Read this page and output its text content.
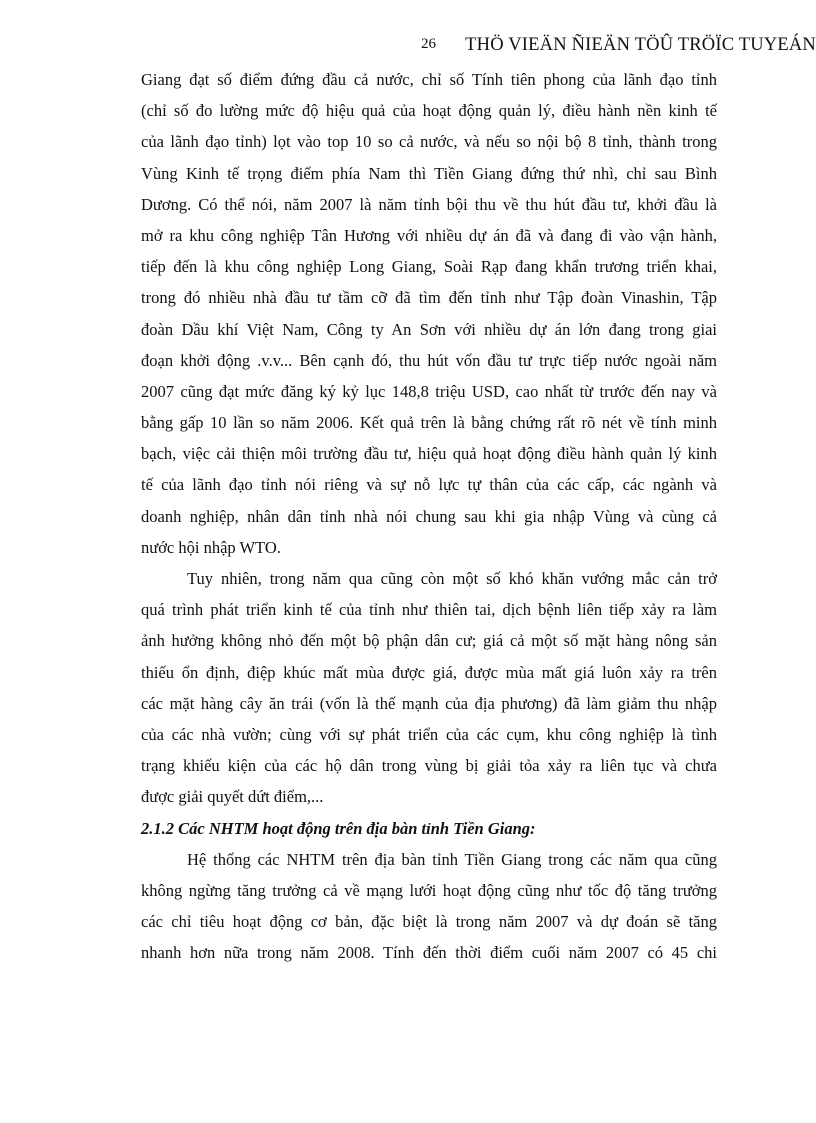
26 THÖ VIEÄN ÑIEÄN TÖÛ TRÖÏC TUYEÁN

Giang đạt số điểm đứng đầu cả nước, chỉ số Tính tiên phong của lãnh đạo tỉnh
(chỉ số đo lường mức độ hiệu quả của hoạt động quản lý, điều hành nền kinh tế
của lãnh đạo tỉnh) lọt vào top 10 so cả nước, và nếu so nội bộ 8 tỉnh, thành trong
Vùng Kinh tế trọng điểm phía Nam thì Tiền Giang đứng thứ nhì, chỉ sau Bình
Dương. Có thể nói, năm 2007 là năm tỉnh bội thu về thu hút đầu tư, khởi đầu là
mở ra khu công nghiệp Tân Hương với nhiều dự án đã và đang đi vào vận hành,
tiếp đến là khu công nghiệp Long Giang, Soài Rạp đang khẩn trương triển khai,
trong đó nhiều nhà đầu tư tầm cỡ đã tìm đến tỉnh như Tập đoàn Vinashin, Tập
đoàn Dầu khí Việt Nam, Công ty An Sơn với nhiều dự án lớn đang trong giai
đoạn khởi động .v.v... Bên cạnh đó, thu hút vốn đầu tư trực tiếp nước ngoài năm
2007 cũng đạt mức đăng ký kỷ lục 148,8 triệu USD, cao nhất từ trước đến nay và
bằng gấp 10 lần so năm 2006. Kết quả trên là bằng chứng rất rõ nét về tính minh
bạch, việc cải thiện môi trường đầu tư, hiệu quả hoạt động điều hành quản lý kinh
tế của lãnh đạo tỉnh nói riêng và sự nỗ lực tự thân của các cấp, các ngành và
doanh nghiệp, nhân dân tỉnh nhà nói chung sau khi gia nhập Vùng và cùng cả
nước hội nhập WTO.

Tuy nhiên, trong năm qua cũng còn một số khó khăn vướng mắc cản trở
quá trình phát triển kinh tế của tỉnh như thiên tai, dịch bệnh liên tiếp xảy ra làm
ảnh hưởng không nhỏ đến một bộ phận dân cư; giá cả một số mặt hàng nông sản
thiếu ổn định, điệp khúc mất mùa được giá, được mùa mất giá luôn xảy ra trên
các mặt hàng cây ăn trái (vốn là thế mạnh của địa phương) đã làm giảm thu nhập
của các nhà vườn; cùng với sự phát triển của các cụm, khu công nghiệp là tình
trạng khiếu kiện của các hộ dân trong vùng bị giải tỏa xảy ra liên tục và chưa
được giải quyết dứt điểm,...

2.1.2 Các NHTM hoạt động trên địa bàn tỉnh Tiền Giang:

Hệ thống các NHTM trên địa bàn tỉnh Tiền Giang trong các năm qua cũng
không ngừng tăng trưởng cả về mạng lưới hoạt động cũng như tốc độ tăng trưởng
các chỉ tiêu hoạt động cơ bản, đặc biệt là trong năm 2007 và dự đoán sẽ tăng
nhanh hơn nữa trong năm 2008. Tính đến thời điểm cuối năm 2007 có 45 chi
